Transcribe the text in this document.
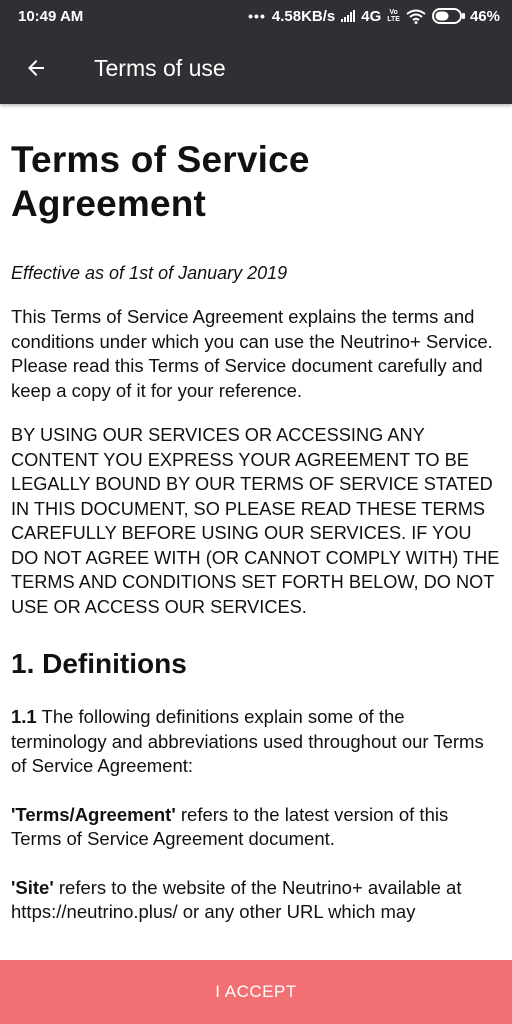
10:49 AM	••• 4.58KB/s 4G	Vo
LTE	46%
Terms of use
Terms of Service Agreement

Effective as of 1st of January 2019

This Terms of Service Agreement explains the terms and conditions under which you can use the Neutrino+ Service. Please read this Terms of Service document carefully and keep a copy of it for your reference.

BY USING OUR SERVICES OR ACCESSING ANY CONTENT YOU EXPRESS YOUR AGREEMENT TO BE LEGALLY BOUND BY OUR TERMS OF SERVICE STATED IN THIS DOCUMENT, SO PLEASE READ THESE TERMS CAREFULLY BEFORE USING OUR SERVICES. IF YOU DO NOT AGREE WITH (OR CANNOT COMPLY WITH) THE TERMS AND CONDITIONS SET FORTH BELOW, DO NOT USE OR ACCESS OUR SERVICES.

1. Definitions

1.1 The following definitions explain some of the terminology and abbreviations used throughout our Terms of Service Agreement:

'Terms/Agreement' refers to the latest version of this Terms of Service Agreement document.

'Site' refers to the website of the Neutrino+ available at https://neutrino.plus/ or any other URL which may

I ACCEPT
